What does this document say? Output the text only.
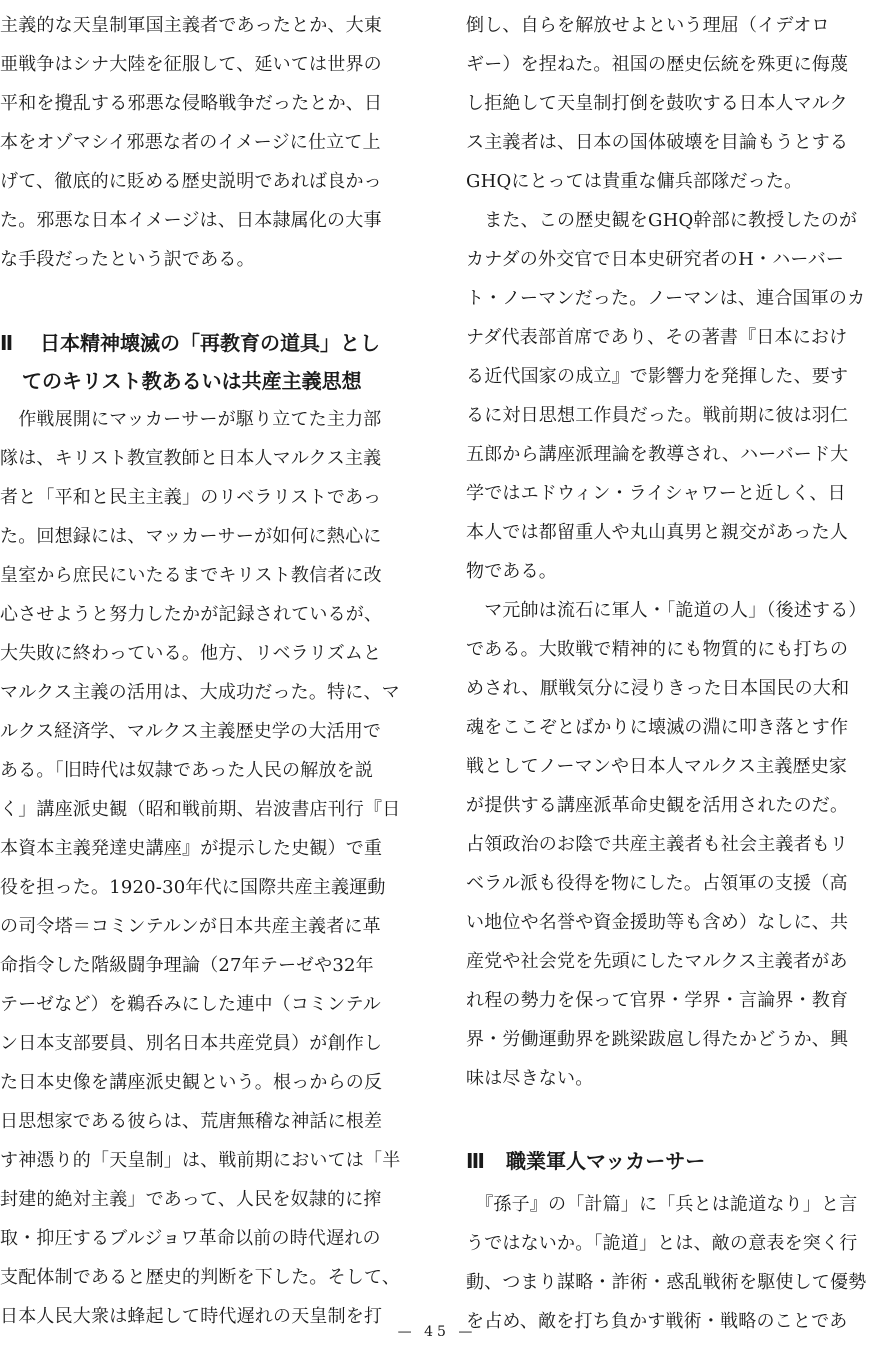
主義的な天皇制軍国主義者であったとか、大東
亜戦争はシナ大陸を征服して、延いては世界の
平和を攪乱する邪悪な侵略戦争だったとか、日
本をオゾマシイ邪悪な者のイメージに仕立て上
げて、徹底的に貶める歴史説明であれば良かっ
た。邪悪な日本イメージは、日本隷属化の大事
な手段だったという訳である。
Ⅱ 日本精神壊滅の「再教育の道具」とし
てのキリスト教あるいは共産主義思想
　作戦展開にマッカーサーが駆り立てた主力部
隊は、キリスト教宣教師と日本人マルクス主義
者と「平和と民主主義」のリベラリストであっ
た。回想録には、マッカーサーが如何に熱心に
皇室から庶民にいたるまでキリスト教信者に改
心させようと努力したかが記録されているが、
大失敗に終わっている。他方、リベラリズムと
マルクス主義の活用は、大成功だった。特に、マ
ルクス経済学、マルクス主義歴史学の大活用で
ある。「旧時代は奴隷であった人民の解放を説
く」講座派史観（昭和戦前期、岩波書店刊行『日
本資本主義発達史講座』が提示した史観）で重
役を担った。1920-30年代に国際共産主義運動
の司令塔＝コミンテルンが日本共産主義者に革
命指令した階級闘争理論（27年テーゼや32年
テーゼなど）を鵜呑みにした連中（コミンテル
ン日本支部要員、別名日本共産党員）が創作し
た日本史像を講座派史観という。根っからの反
日思想家である彼らは、荒唐無稽な神話に根差
す神憑り的「天皇制」は、戦前期においては「半
封建的絶対主義」であって、人民を奴隷的に搾
取・抑圧するブルジョワ革命以前の時代遅れの
支配体制であると歴史的判断を下した。そして、
日本人民大衆は蜂起して時代遅れの天皇制を打
倒し、自らを解放せよという理屈（イデオロ
ギー）を捏ねた。祖国の歴史伝統を殊更に侮蔑
し拒絶して天皇制打倒を鼓吹する日本人マルク
ス主義者は、日本の国体破壊を目論もうとする
GHQにとっては貴重な傭兵部隊だった。
　また、この歴史観をGHQ幹部に教授したのが
カナダの外交官で日本史研究者のH・ハーバー
ト・ノーマンだった。ノーマンは、連合国軍のカ
ナダ代表部首席であり、その著書『日本におけ
る近代国家の成立』で影響力を発揮した、要す
るに対日思想工作員だった。戦前期に彼は羽仁
五郎から講座派理論を教導され、ハーバード大
学ではエドウィン・ライシャワーと近しく、日
本人では都留重人や丸山真男と親交があった人
物である。
　マ元帥は流石に軍人・「詭道の人」（後述する）
である。大敗戦で精神的にも物質的にも打ちの
めされ、厭戦気分に浸りきった日本国民の大和
魂をここぞとばかりに壊滅の淵に叩き落とす作
戦としてノーマンや日本人マルクス主義歴史家
が提供する講座派革命史観を活用されたのだ。
占領政治のお陰で共産主義者も社会主義者もリ
ベラル派も役得を物にした。占領軍の支援（高
い地位や名誉や資金援助等も含め）なしに、共
産党や社会党を先頭にしたマルクス主義者があ
れ程の勢力を保って官界・学界・言論界・教育
界・労働運動界を跳梁跋扈し得たかどうか、興
味は尽きない。
Ⅲ 職業軍人マッカーサー
　『孫子』の「計篇」に「兵とは詭道なり」と言
うではないか。「詭道」とは、敵の意表を突く行
動、つまり謀略・詐術・惑乱戦術を駆使して優勢
を占め、敵を打ち負かす戦術・戦略のことであ
— 45 —
